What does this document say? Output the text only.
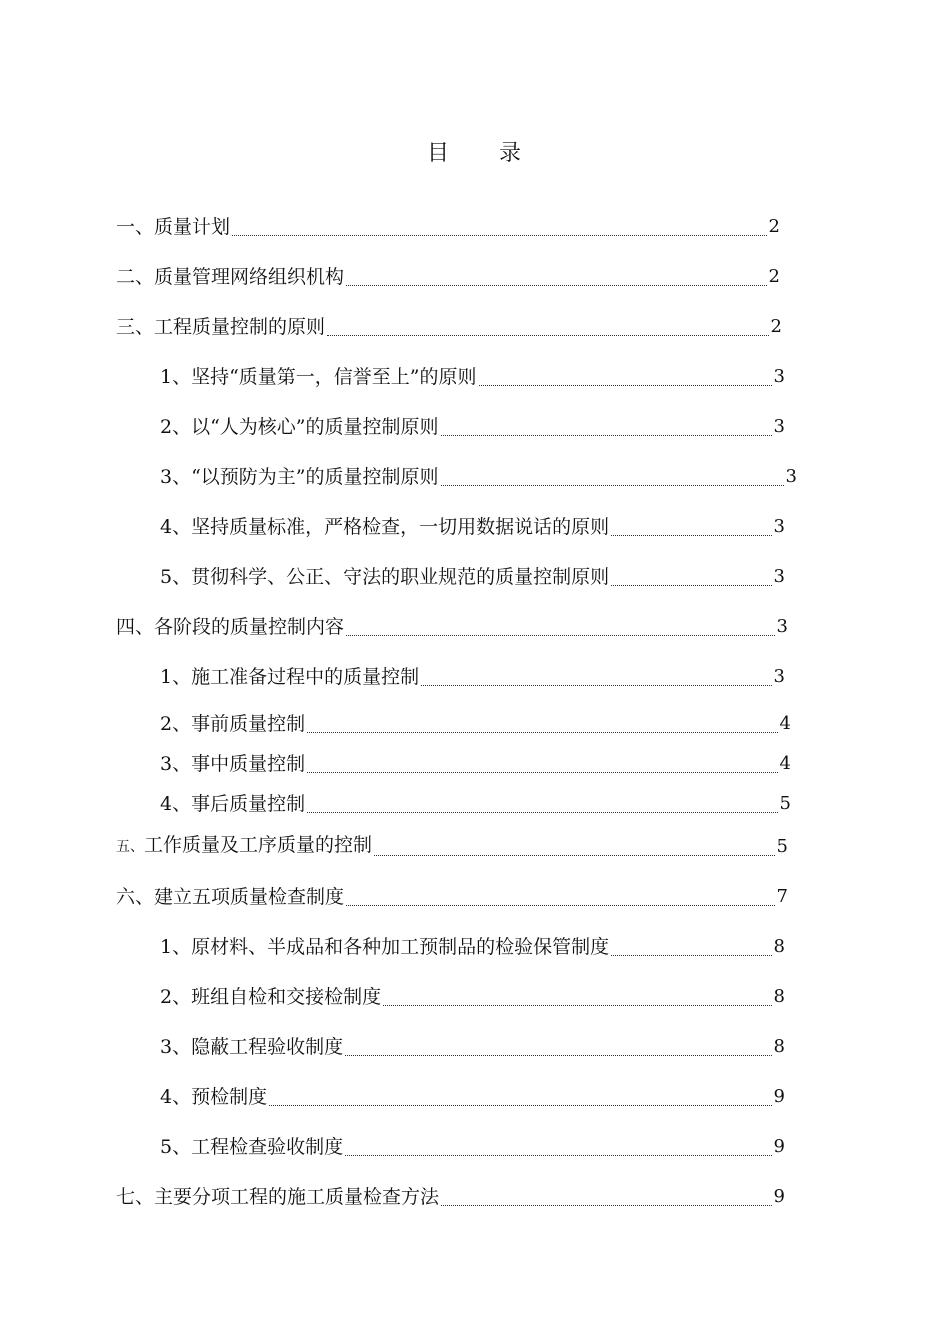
目 录
一、质量计划	2
二、质量管理网络组织机构	2
三、工程质量控制的原则	2
1、坚持“质量第一，信誉至上”的原则	3
2、以“人为核心”的质量控制原则	3
3、“以预防为主”的质量控制原则	3
4、坚持质量标准，严格检查，一切用数据说话的原则	3
5、贯彻科学、公正、守法的职业规范的质量控制原则	3
四、各阶段的质量控制内容	3
1、施工准备过程中的质量控制	3
2、事前质量控制	4
3、事中质量控制	4
4、事后质量控制	5
五、工作质量及工序质量的控制	5
六、建立五项质量检查制度	7
1、原材料、半成品和各种加工预制品的检验保管制度	8
2、班组自检和交接检制度	8
3、隐蔽工程验收制度	8
4、预检制度	9
5、工程检查验收制度	9
七、主要分项工程的施工质量检查方法	9
